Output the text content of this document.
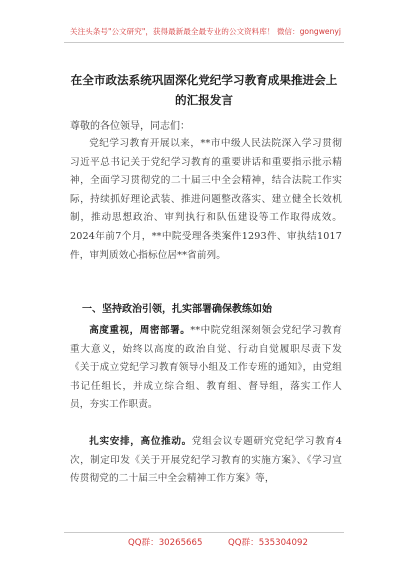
关注头条号"公文研究"，获得最新最全最专业的公文资料库！ 微信：gongwenyj
在全市政法系统巩固深化党纪学习教育成果推进会上的汇报发言
尊敬的各位领导，同志们：
党纪学习教育开展以来，**市中级人民法院深入学习贯彻习近平总书记关于党纪学习教育的重要讲话和重要指示批示精神，全面学习贯彻党的二十届三中全会精神，结合法院工作实际，持续抓好理论武装、推进问题整改落实、建立健全长效机制，推动思想政治、审判执行和队伍建设等工作取得成效。2024年前7个月，**中院受理各类案件1293件、审执结1017件，审判质效心指标位居**省前列。
一、坚持政治引领，扎实部署确保教练如始
高度重视，周密部署。**中院党组深刻领会党纪学习教育重大意义，始终以高度的政治自觉、行动自觉履职尽责下发《关于成立党纪学习教育领导小组及工作专班的通知》，由党组书记任组长，并成立综合组、教育组、督导组，落实工作人员，夯实工作职责。
扎实安排，高位推动。党组会议专题研究党纪学习教育4次，制定印发《关于开展党纪学习教育的实施方案》、《学习宣传贯彻党的二十届三中全会精神工作方案》等，
QQ群：30265665	QQ群：535304092
